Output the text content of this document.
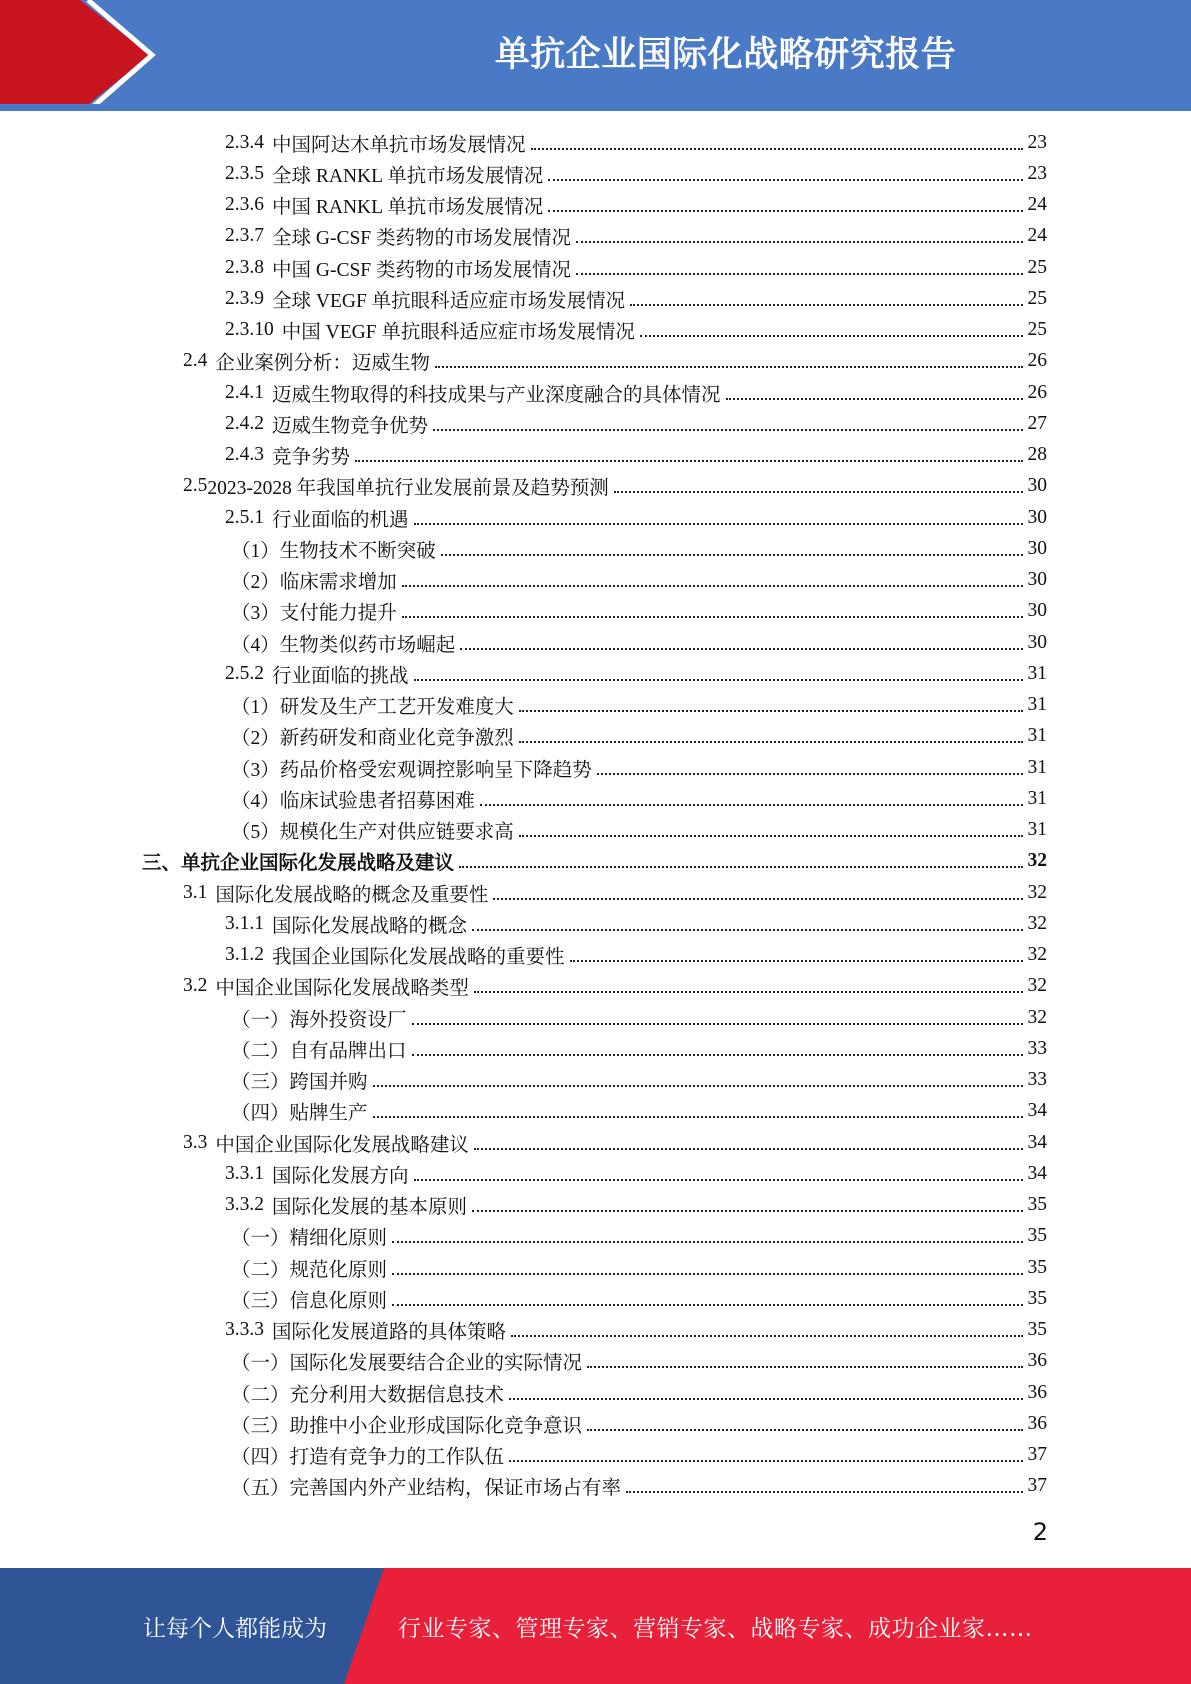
单抗企业国际化战略研究报告
2.3.4 中国阿达木单抗市场发展情况	23
2.3.5 全球 RANKL 单抗市场发展情况	23
2.3.6 中国 RANKL 单抗市场发展情况	24
2.3.7 全球 G-CSF 类药物的市场发展情况	24
2.3.8 中国 G-CSF 类药物的市场发展情况	25
2.3.9 全球 VEGF 单抗眼科适应症市场发展情况	25
2.3.10 中国 VEGF 单抗眼科适应症市场发展情况	25
2.4 企业案例分析：迈威生物	26
2.4.1 迈威生物取得的科技成果与产业深度融合的具体情况	26
2.4.2 迈威生物竞争优势	27
2.4.3 竞争劣势	28
2.5 2023-2028 年我国单抗行业发展前景及趋势预测	30
2.5.1 行业面临的机遇	30
（1）生物技术不断突破	30
（2）临床需求增加	30
（3）支付能力提升	30
（4）生物类似药市场崛起	30
2.5.2 行业面临的挑战	31
（1）研发及生产工艺开发难度大	31
（2）新药研发和商业化竞争激烈	31
（3）药品价格受宏观调控影响呈下降趋势	31
（4）临床试验患者招募困难	31
（5）规模化生产对供应链要求高	31
三、单抗企业国际化发展战略及建议	32
3.1 国际化发展战略的概念及重要性	32
3.1.1 国际化发展战略的概念	32
3.1.2 我国企业国际化发展战略的重要性	32
3.2 中国企业国际化发展战略类型	32
（一）海外投资设厂	32
（二）自有品牌出口	33
（三）跨国并购	33
（四）贴牌生产	34
3.3 中国企业国际化发展战略建议	34
3.3.1 国际化发展方向	34
3.3.2 国际化发展的基本原则	35
（一）精细化原则	35
（二）规范化原则	35
（三）信息化原则	35
3.3.3 国际化发展道路的具体策略	35
（一）国际化发展要结合企业的实际情况	36
（二）充分利用大数据信息技术	36
（三）助推中小企业形成国际化竞争意识	36
（四）打造有竞争力的工作队伍	37
（五）完善国内外产业结构，保证市场占有率	37
2
让每个人都能成为	行业专家、管理专家、营销专家、战略专家、成功企业家……
